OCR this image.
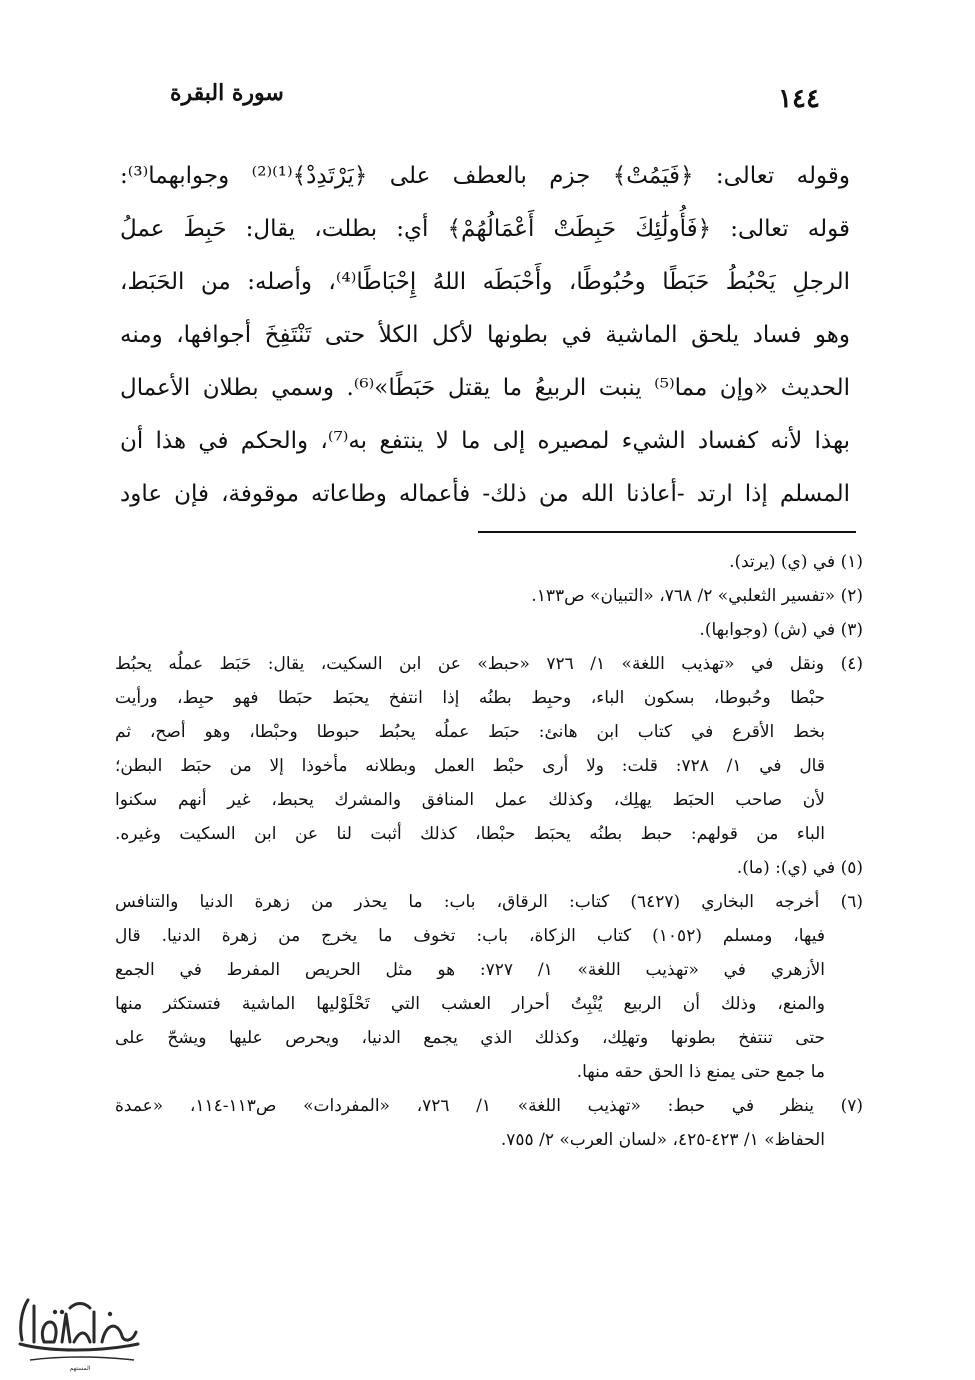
١٤٤
سورة البقرة
وقوله تعالى: ﴿فَيَمُتْ﴾ جزم بالعطف على ﴿يَرْتَدِدْ﴾⁽¹⁾⁽²⁾ وجوابهما⁽³⁾:
قوله تعالى: ﴿فَأُولَٰئِكَ حَبِطَتْ أَعْمَالُهُمْ﴾ أي: بطلت، يقال: حَبِطَ عملُ
الرجلِ يَحْبُطُ حَبَطًا وحُبُوطًا، وأَحْبَطَه اللهُ إِحْبَاطًا⁽⁴⁾، وأصله: من الحَبَط،
وهو فساد يلحق الماشية في بطونها لأكل الكلأ حتى تَنْتَفِخَ أجوافها، ومنه
الحديث «وإن مما⁽⁵⁾ ينبت الربيعُ ما يقتل حَبَطًا»⁽⁶⁾. وسمي بطلان الأعمال
بهذا لأنه كفساد الشيء لمصيره إلى ما لا ينتفع به⁽⁷⁾، والحكم في هذا أن
المسلم إذا ارتد -أعاذنا الله من ذلك- فأعماله وطاعاته موقوفة، فإن عاود
(١) في (ي) (يرتد).
(٢) «تفسير الثعلبي» ٢/ ٧٦٨، «التبيان» ص١٣٣.
(٣) في (ش) (وجوابها).
(٤) ونقل في «تهذيب اللغة» ١/ ٧٢٦ «حبط» عن ابن السكيت، يقال: حَبَط عملُه يحبُط
حبْطا وحُبوطا، بسكون الباء، وحبِط بطنُه إذا انتفخ يحبَط حبَطا فهو حبِط، ورأيت
بخط الأقرع في كتاب ابن هانئ: حبَط عملُه يحبُط حبوطا وحبْطا، وهو أصح، ثم
قال في ١/ ٧٢٨: قلت: ولا أرى حبْط العمل وبطلانه مأخوذا إلا من حبَط البطن؛
لأن صاحب الحبَط يهلِك، وكذلك عمل المنافق والمشرك يحبط، غير أنهم سكنوا
الباء من قولهم: حبط بطنُه يحبَط حبْطا، كذلك أثبت لنا عن ابن السكيت وغيره.
(٥) في (ي): (ما).
(٦) أخرجه البخاري (٦٤٢٧) كتاب: الرقاق، باب: ما يحذر من زهرة الدنيا والتنافس
فيها، ومسلم (١٠٥٢) كتاب الزكاة، باب: تخوف ما يخرج من زهرة الدنيا. قال
الأزهري في «تهذيب اللغة» ١/ ٧٢٧: هو مثل الحريص المفرط في الجمع
والمنع، وذلك أن الربيع يُنْبِتُ أحرار العشب التي تَحْلَوْليها الماشية فتستكثر منها
حتى تنتفخ بطونها وتهلِك، وكذلك الذي يجمع الدنيا، ويحرص عليها ويشحّ على
ما جمع حتى يمنع ذا الحق حقه منها.
(٧) ينظر في حبط: «تهذيب اللغة» ١/ ٧٢٦، «المفردات» ص١١٣-١١٤، «عمدة
الحفاظ» ١/ ٤٢٣-٤٢٥، «لسان العرب» ٢/ ٧٥٥.
المستهم
